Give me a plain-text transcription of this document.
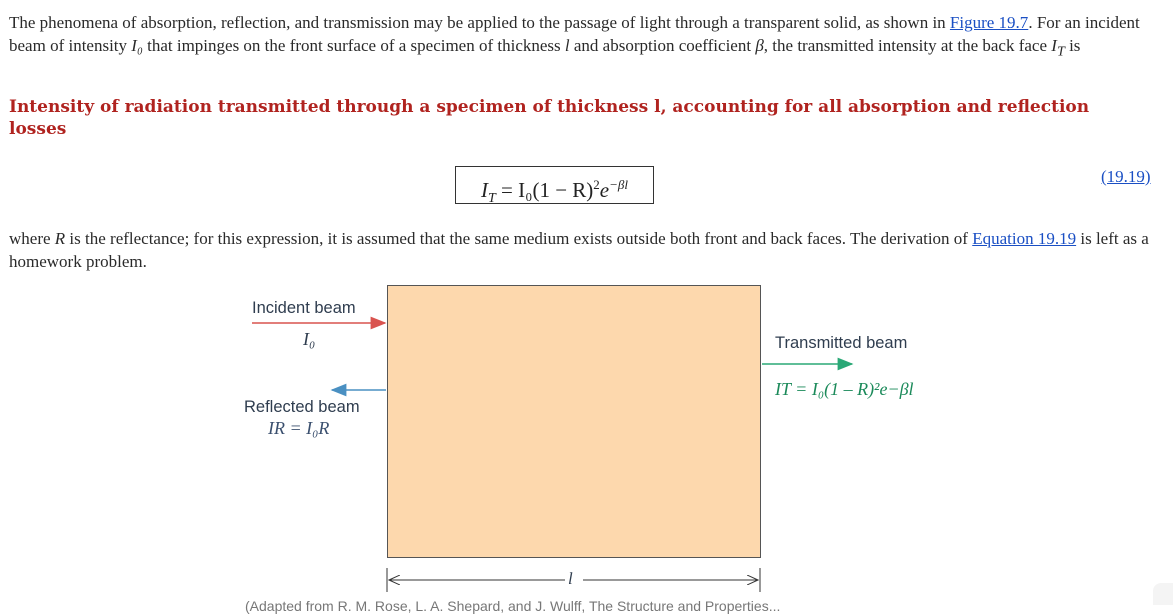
The phenomena of absorption, reflection, and transmission may be applied to the passage of light through a transparent solid, as shown in Figure 19.7. For an incident beam of intensity I₀ that impinges on the front surface of a specimen of thickness l and absorption coefficient β, the transmitted intensity at the back face $I_T$ is

Intensity of radiation transmitted through a specimen of thickness l, accounting for all absorption and reflection losses

$I_T = I_0(1 - R)^2e^{-\beta l}$	(19.19)

where R is the reflectance; for this expression, it is assumed that the same medium exists outside both front and back faces. The derivation of Equation 19.19 is left as a homework problem.

Incident beam
I₀
Reflected beam
IR = I₀R
Transmitted beam
IT = I₀(1 – R)²e−βl
l
(Adapted from R. M. Rose, L. A. Shepard, and J. Wulff, The Structure and Properties...
